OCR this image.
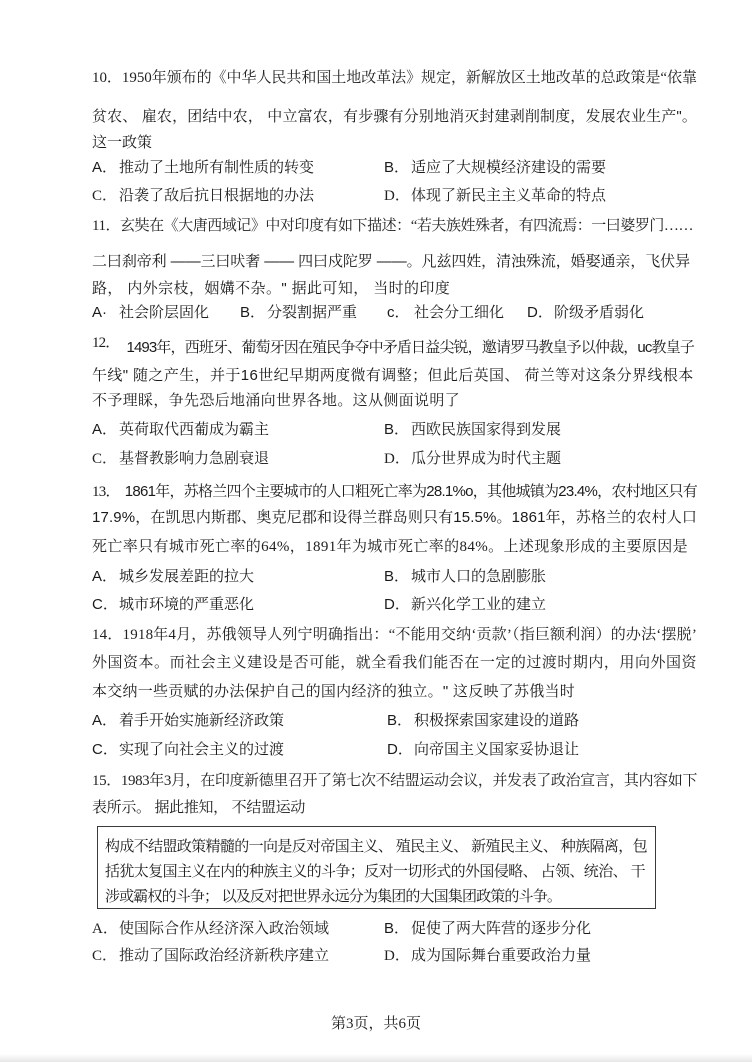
10．1950年颁布的《中华人民共和国土地改革法》规定，新解放区土地改革的总政策是“依靠
贫农、 雇农，团结中农， 中立富农，有步骤有分别地消灭封建剥削制度，发展农业生产"。
这一政策
A． 推动了土地所有制性质的转变	B． 适应了大规模经济建设的需要
C． 沿袭了敌后抗日根据地的办法	D．体现了新民主主义革命的特点
11．玄奘在《大唐西域记》中对印度有如下描述：“若夫族姓殊者，有四流焉：一曰婆罗门……
二曰刹帝利 ——三曰吠奢 —— 四曰戍陀罗 ——。凡兹四姓，清浊殊流，婚娶通亲，飞伏异
路， 内外宗枝，姻媾不杂。" 据此可知， 当时的印度
A· 社会阶层固化 B． 分裂割据严重 c． 社会分工细化 D．阶级矛盾弱化
12． 1493年，西班牙、葡萄牙因在殖民争夺中矛盾日益尖锐，邀请罗马教皇予以仲裁，uc教皇子
午线" 随之产生，并于16世纪早期两度微有调整；但此后英国、 荷兰等对这条分界线根本
不予理睬，争先恐后地涌向世界各地。这从侧面说明了
A． 英荷取代西葡成为霸主	B． 西欧民族国家得到发展
C． 基督教影响力急剧衰退	D．瓜分世界成为时代主题
13． 1861年，苏格兰四个主要城市的人口粗死亡率为28.1%o，其他城镇为23.4%，农村地区只有
17.9%，在凯思内斯郡、奥克尼郡和设得兰群岛则只有15.5%。1861年，苏格兰的农村人口
死亡率只有城市死亡率的64%，1891年为城市死亡率的84%。上述现象形成的主要原因是
A． 城乡发展差距的拉大	B． 城市人口的急剧膨胀
C．城市环境的严重恶化	D．新兴化学工业的建立
14．1918年4月，苏俄领导人列宁明确指出：“不能用交纳‘贡款’（指巨额利润）的办法‘摆脱’
外国资本。而社会主义建设是否可能，就全看我们能否在一定的过渡时期内，用向外国资
本交纳一些贡赋的办法保护自己的国内经济的独立。" 这反映了苏俄当时
A． 着手开始实施新经济政策	B． 积极探索国家建设的道路
C．实现了向社会主义的过渡	D．向帝国主义国家妥协退让
15．1983年3月，在印度新德里召开了第七次不结盟运动会议，并发表了政治宣言，其内容如下
表所示。 据此推知， 不结盟运动
构成不结盟政策精髓的一向是反对帝国主义、 殖民主义、 新殖民主义、 种族隔离，包
括犹太复国主义在内的种族主义的斗争；反对一切形式的外国侵略、 占领、统治、 干
涉或霸权的斗争； 以及反对把世界永远分为集团的大国集团政策的斗争。
A．使国际合作从经济深入政治领域	B． 促使了两大阵营的逐步分化
C． 推动了国际政治经济新秩序建立	D．成为国际舞台重要政治力量
第3页，共6页
